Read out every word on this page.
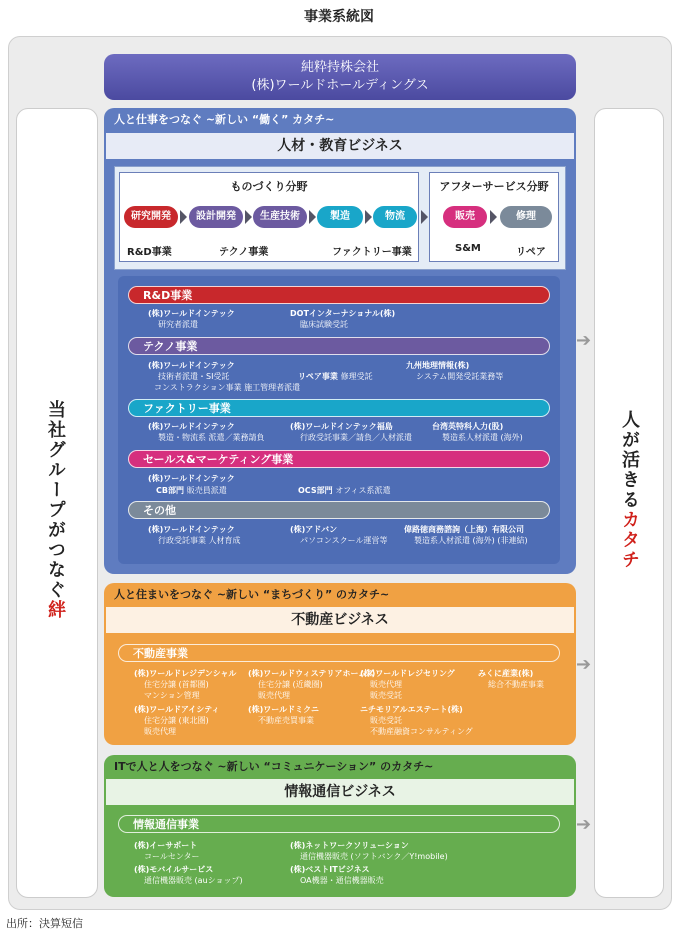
事業系統図
当社グループがつなぐ絆
人が活きるカタチ
➔
➔
➔
純粋持株会社
(株)ワールドホールディングス
人と仕事をつなぐ ~新しい “働く” カタチ~
人材・教育ビジネス
ものづくり分野	アフターサービス分野
研究開発	設計開発	生産技術	製造	物流	販売	修理
R&D事業	テクノ事業	ファクトリー事業	S&M	リペア
R&D事業
(株)ワールドインテック
研究者派遣
DOTインターナショナル(株)
臨床試験受託
テクノ事業
(株)ワールドインテック
技術者派遣・SI受託
コンストラクション事業 施工管理者派遣
リペア事業 修理受託
九州地理情報(株)
システム開発受託業務等
ファクトリー事業
(株)ワールドインテック
製造・物流系 派遣／業務請負
(株)ワールドインテック福島
行政受託事業／請負／人材派遣
台湾英特科人力(股)
製造系人材派遣 (海外)
セールス&マーケティング事業
(株)ワールドインテック
CB部門 販売員派遣	OCS部門 オフィス系派遣
その他
(株)ワールドインテック
行政受託事業 人材育成
(株)アドバン
パソコンスクール運営等
偉路徳商務諮詢（上海）有限公司
製造系人材派遣 (海外) (非連結)
人と住まいをつなぐ ~新しい “まちづくり” のカタチ~
不動産ビジネス
不動産事業
(株)ワールドレジデンシャル
住宅分譲 (首都圏)
マンション管理
(株)ワールドウィステリアホームズ
住宅分譲 (近畿圏)
販売代理
(株)ワールドレジセリング
販売代理
販売受託
みくに産業(株)
総合不動産事業
(株)ワールドアイシティ
住宅分譲 (東北圏)
販売代理
(株)ワールドミクニ
不動産売買事業
ニチモリアルエステート(株)
販売受託
不動産融資コンサルティング
ITで人と人をつなぐ ~新しい “コミュニケーション” のカタチ~
情報通信ビジネス
情報通信事業
(株)イーサポート
コールセンター
(株)ネットワークソリューション
通信機器販売 (ソフトバンク／Y!mobile)
(株)モバイルサービス
通信機器販売 (auショップ)
(株)ベストITビジネス
OA機器・通信機器販売
出所：決算短信
